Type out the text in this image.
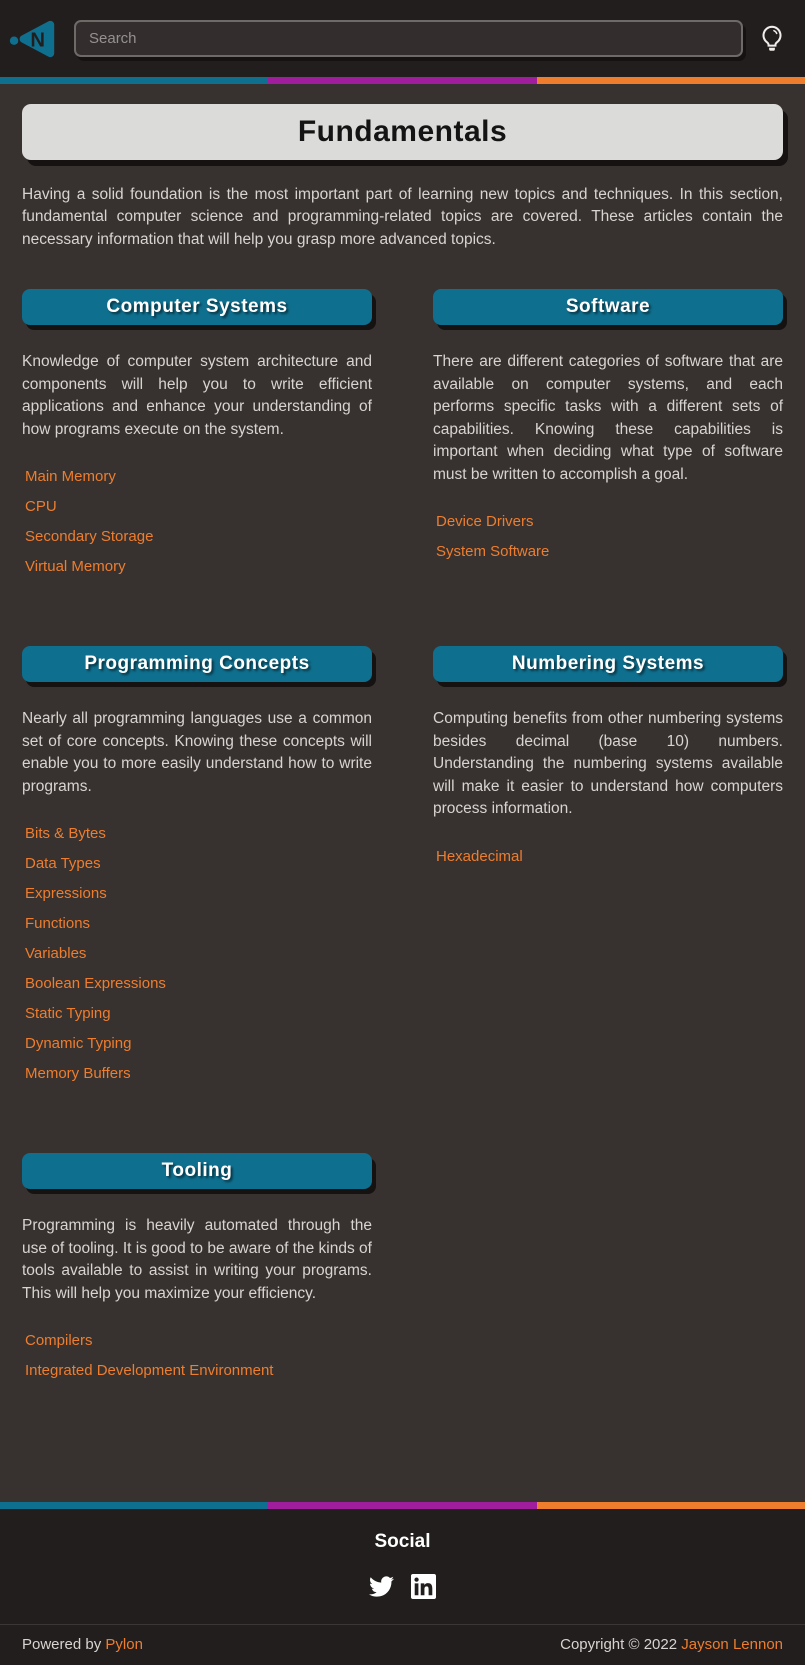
N
Search
Fundamentals

Having a solid foundation is the most important part of learning new topics and techniques. In this section, fundamental computer science and programming-related topics are covered. These articles contain the necessary information that will help you grasp more advanced topics.

Computer Systems

Knowledge of computer system architecture and components will help you to write efficient applications and enhance your understanding of how programs execute on the system.

Main Memory
CPU
Secondary Storage
Virtual Memory
Software

There are different categories of software that are available on computer systems, and each performs specific tasks with a different sets of capabilities. Knowing these capabilities is important when deciding what type of software must be written to accomplish a goal.

Device Drivers
System Software
Programming Concepts

Nearly all programming languages use a common set of core concepts. Knowing these concepts will enable you to more easily understand how to write programs.

Bits & Bytes
Data Types
Expressions
Functions
Variables
Boolean Expressions
Static Typing
Dynamic Typing
Memory Buffers
Numbering Systems

Computing benefits from other numbering systems besides decimal (base 10) numbers. Understanding the numbering systems available will make it easier to understand how computers process information.

Hexadecimal
Tooling

Programming is heavily automated through the use of tooling. It is good to be aware of the kinds of tools available to assist in writing your programs. This will help you maximize your efficiency.

Compilers
Integrated Development Environment
Social
Powered by Pylon	Copyright © 2022 Jayson Lennon
